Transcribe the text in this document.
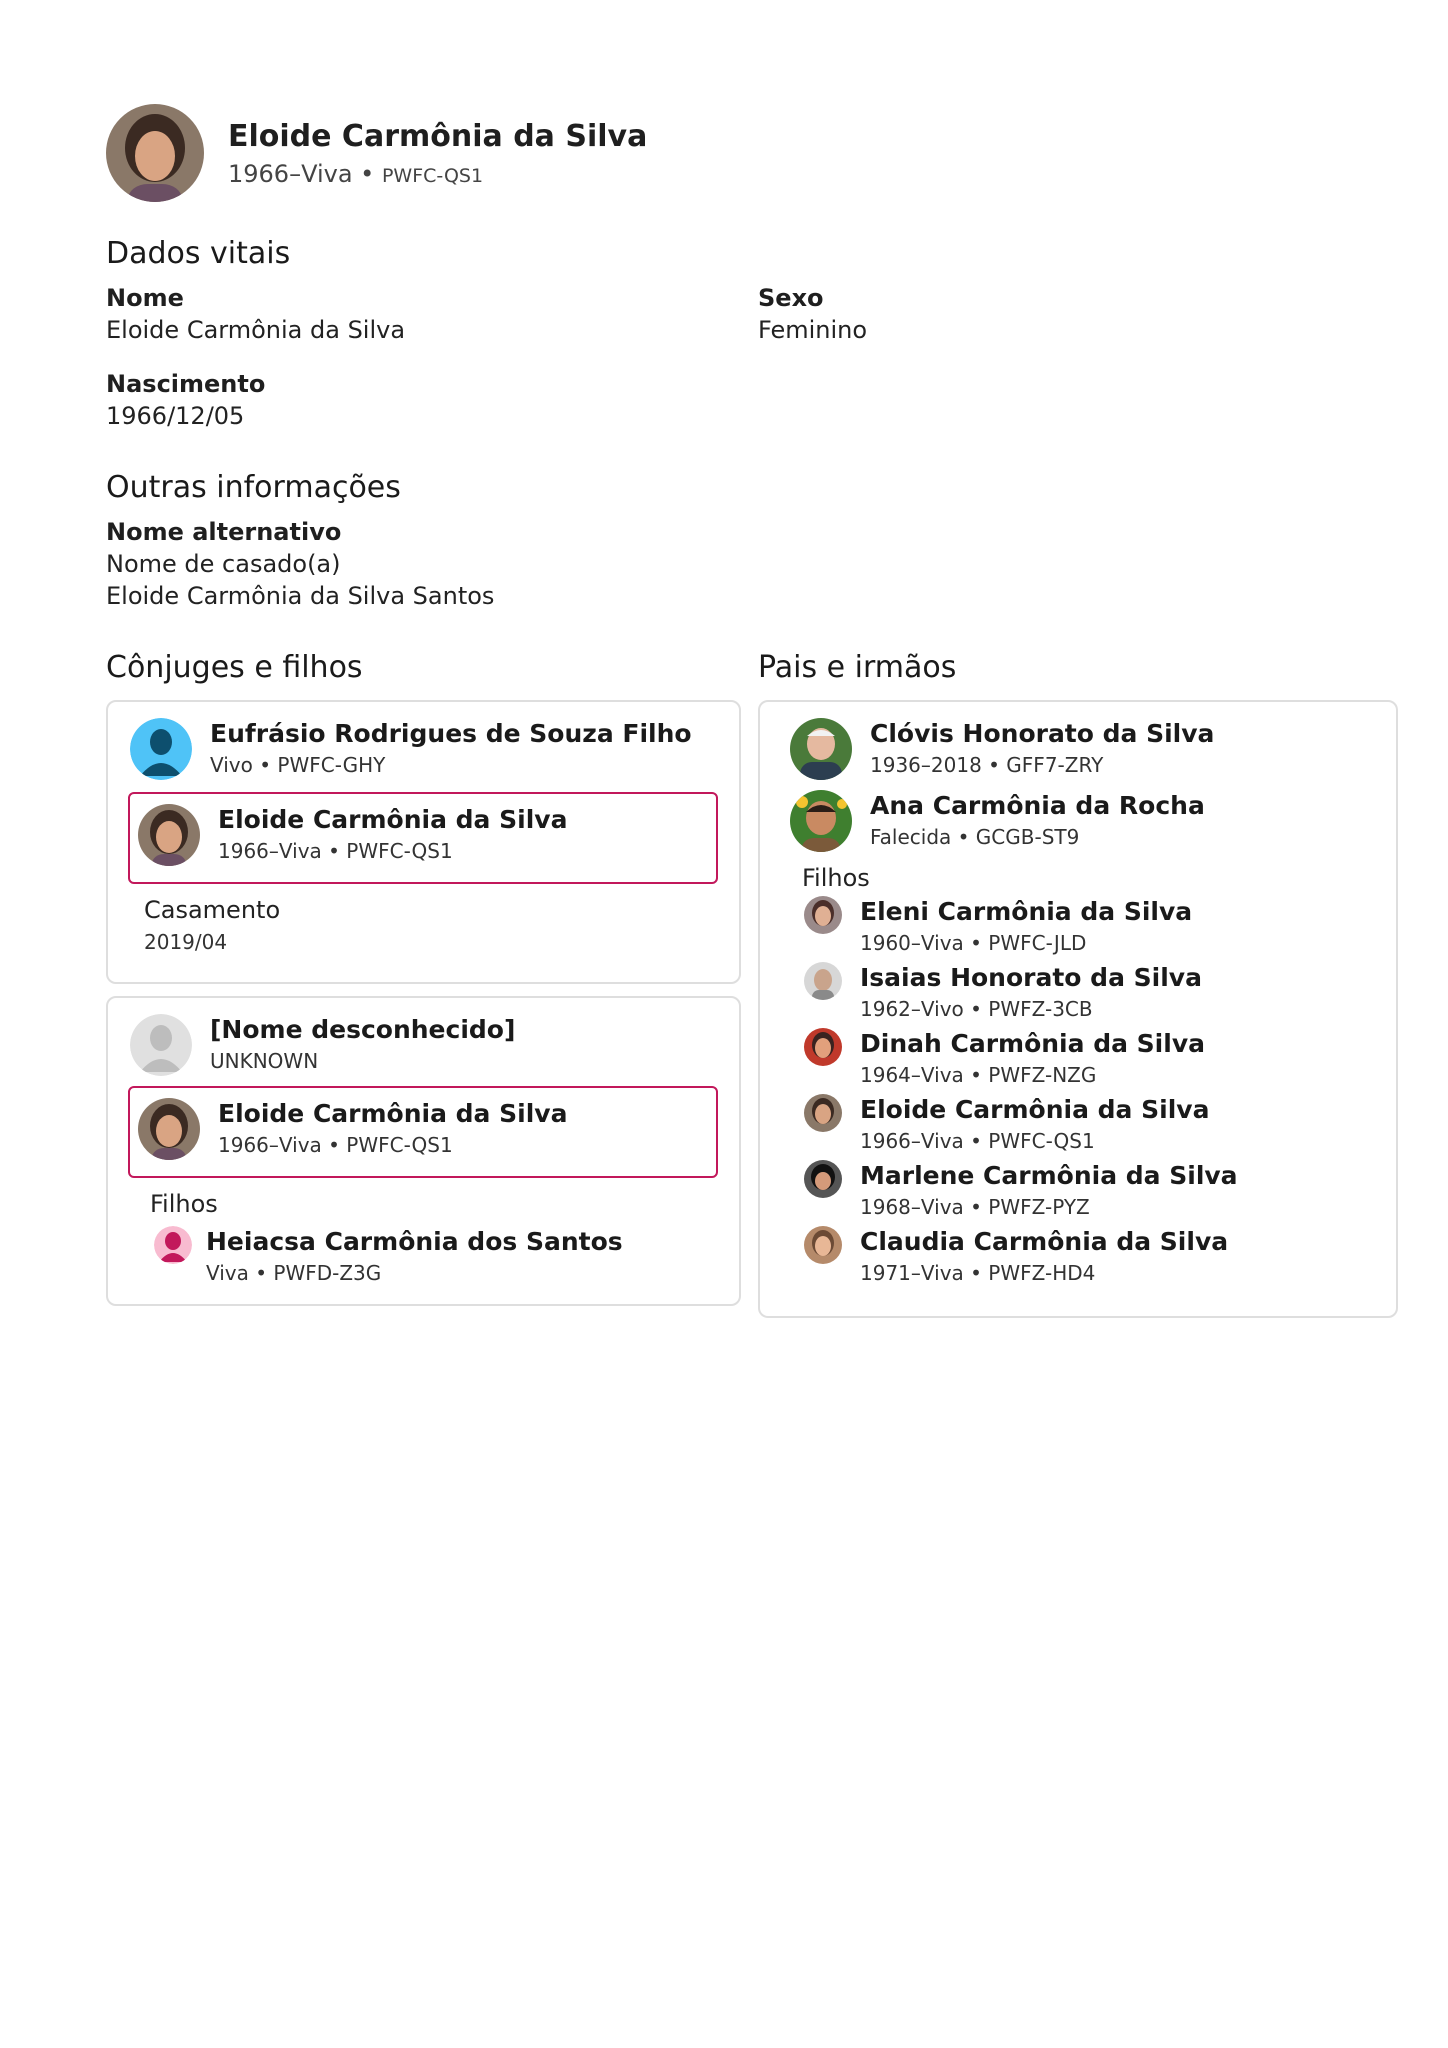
Eloide Carmônia da Silva
1966–Viva • PWFC-QS1
Dados vitais
Nome
Eloide Carmônia da Silva
Sexo
Feminino
Nascimento
1966/12/05
Outras informações
Nome alternativo
Nome de casado(a)
Eloide Carmônia da Silva Santos
Cônjuges e filhos
Eufrásio Rodrigues de Souza Filho
Vivo • PWFC-GHY
Eloide Carmônia da Silva
1966–Viva • PWFC-QS1
Casamento
2019/04
[Nome desconhecido]
UNKNOWN
Eloide Carmônia da Silva
1966–Viva • PWFC-QS1
Filhos
Heiacsa Carmônia dos Santos
Viva • PWFD-Z3G
Pais e irmãos
Clóvis Honorato da Silva
1936–2018 • GFF7-ZRY
Ana Carmônia da Rocha
Falecida • GCGB-ST9
Filhos
Eleni Carmônia da Silva
1960–Viva • PWFC-JLD
Isaias Honorato da Silva
1962–Vivo • PWFZ-3CB
Dinah Carmônia da Silva
1964–Viva • PWFZ-NZG
Eloide Carmônia da Silva
1966–Viva • PWFC-QS1
Marlene Carmônia da Silva
1968–Viva • PWFZ-PYZ
Claudia Carmônia da Silva
1971–Viva • PWFZ-HD4
